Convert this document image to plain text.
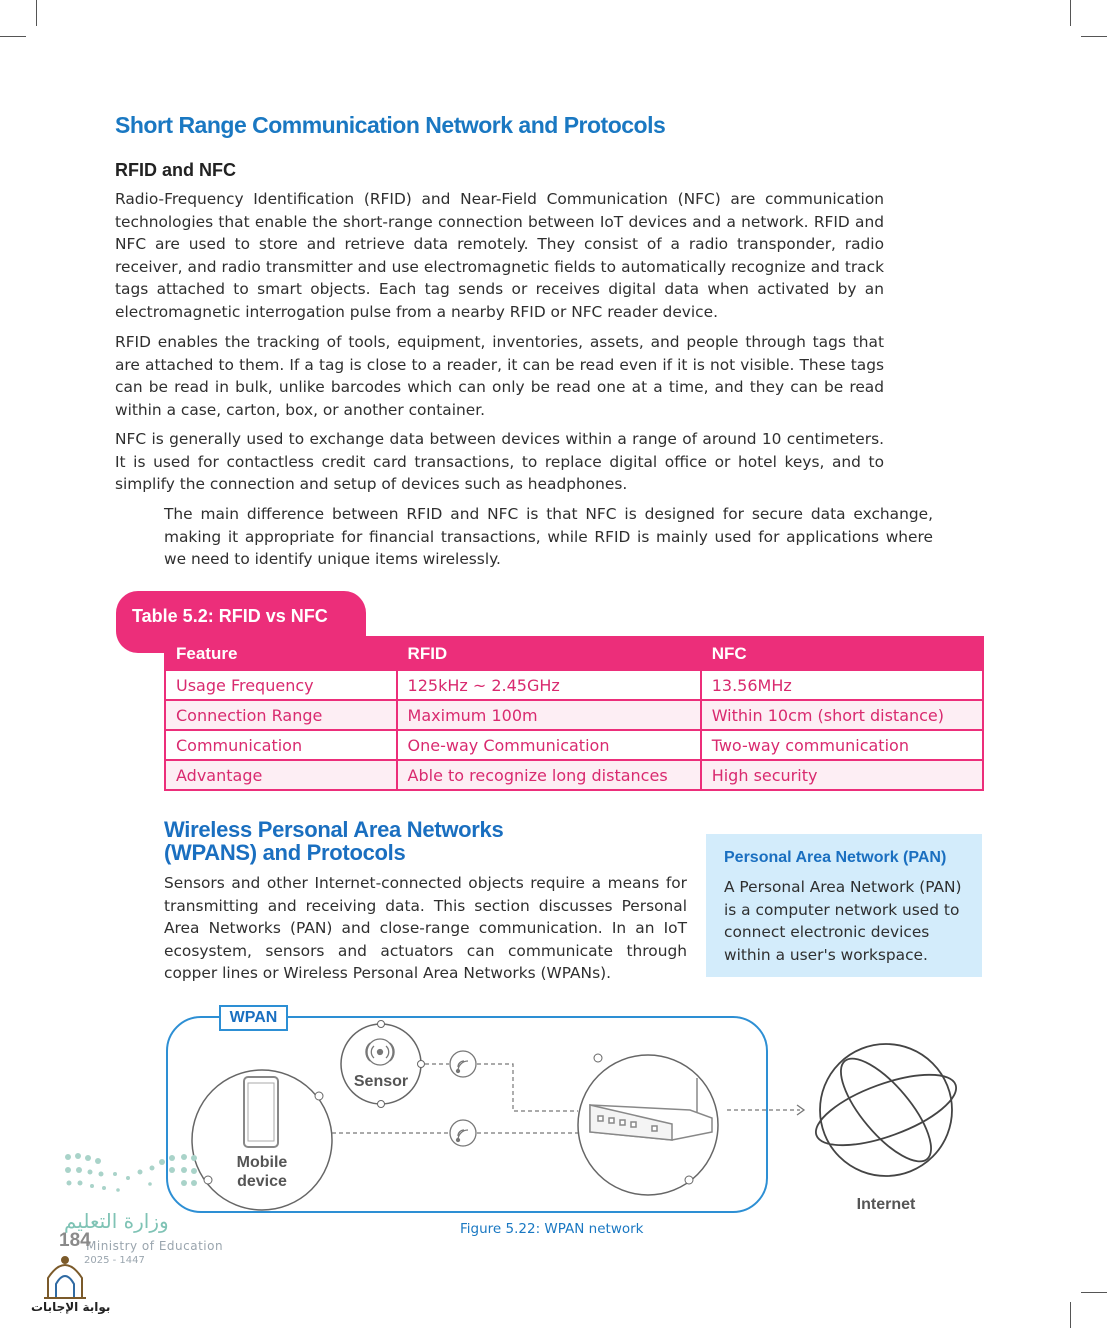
Short Range Communication Network and Protocols
RFID and NFC

Radio-Frequency Identification (RFID) and Near-Field Communication (NFC) are communication technologies that enable the short-range connection between IoT devices and a network. RFID and NFC are used to store and retrieve data remotely. They consist of a radio transponder, radio receiver, and radio transmitter and use electromagnetic fields to automatically recognize and track tags attached to smart objects. Each tag sends or receives digital data when activated by an electromagnetic interrogation pulse from a nearby RFID or NFC reader device.

RFID enables the tracking of tools, equipment, inventories, assets, and people through tags that are attached to them. If a tag is close to a reader, it can be read even if it is not visible. These tags can be read in bulk, unlike barcodes which can only be read one at a time, and they can be read within a case, carton, box, or another container.

NFC is generally used to exchange data between devices within a range of around 10 centimeters. It is used for contactless credit card transactions, to replace digital office or hotel keys, and to simplify the connection and setup of devices such as headphones.

The main difference between RFID and NFC is that NFC is designed for secure data exchange, making it appropriate for financial transactions, while RFID is mainly used for applications where we need to identify unique items wirelessly.

Table 5.2: RFID vs NFC
Feature	RFID	NFC
Usage Frequency	125kHz ~ 2.45GHz	13.56MHz
Connection Range	Maximum 100m	Within 10cm (short distance)
Communication	One-way Communication	Two-way communication
Advantage	Able to recognize long distances	High security
Wireless Personal Area Networks
(WPANS) and Protocols

Sensors and other Internet-connected objects require a means for transmitting and receiving data. This section discusses Personal Area Networks (PAN) and close-range communication. In an IoT ecosystem, sensors and actuators can communicate through copper lines or Wireless Personal Area Networks (WPANs).

Personal Area Network (PAN)

A Personal Area Network (PAN) is a computer network used to connect electronic devices within a user's workspace.

WPAN
Sensor
Mobile
device
Internet
Figure 5.22: WPAN network
وزارة التعليم
Ministry of Education
2025 - 1447
184
بوابة الإجابات
